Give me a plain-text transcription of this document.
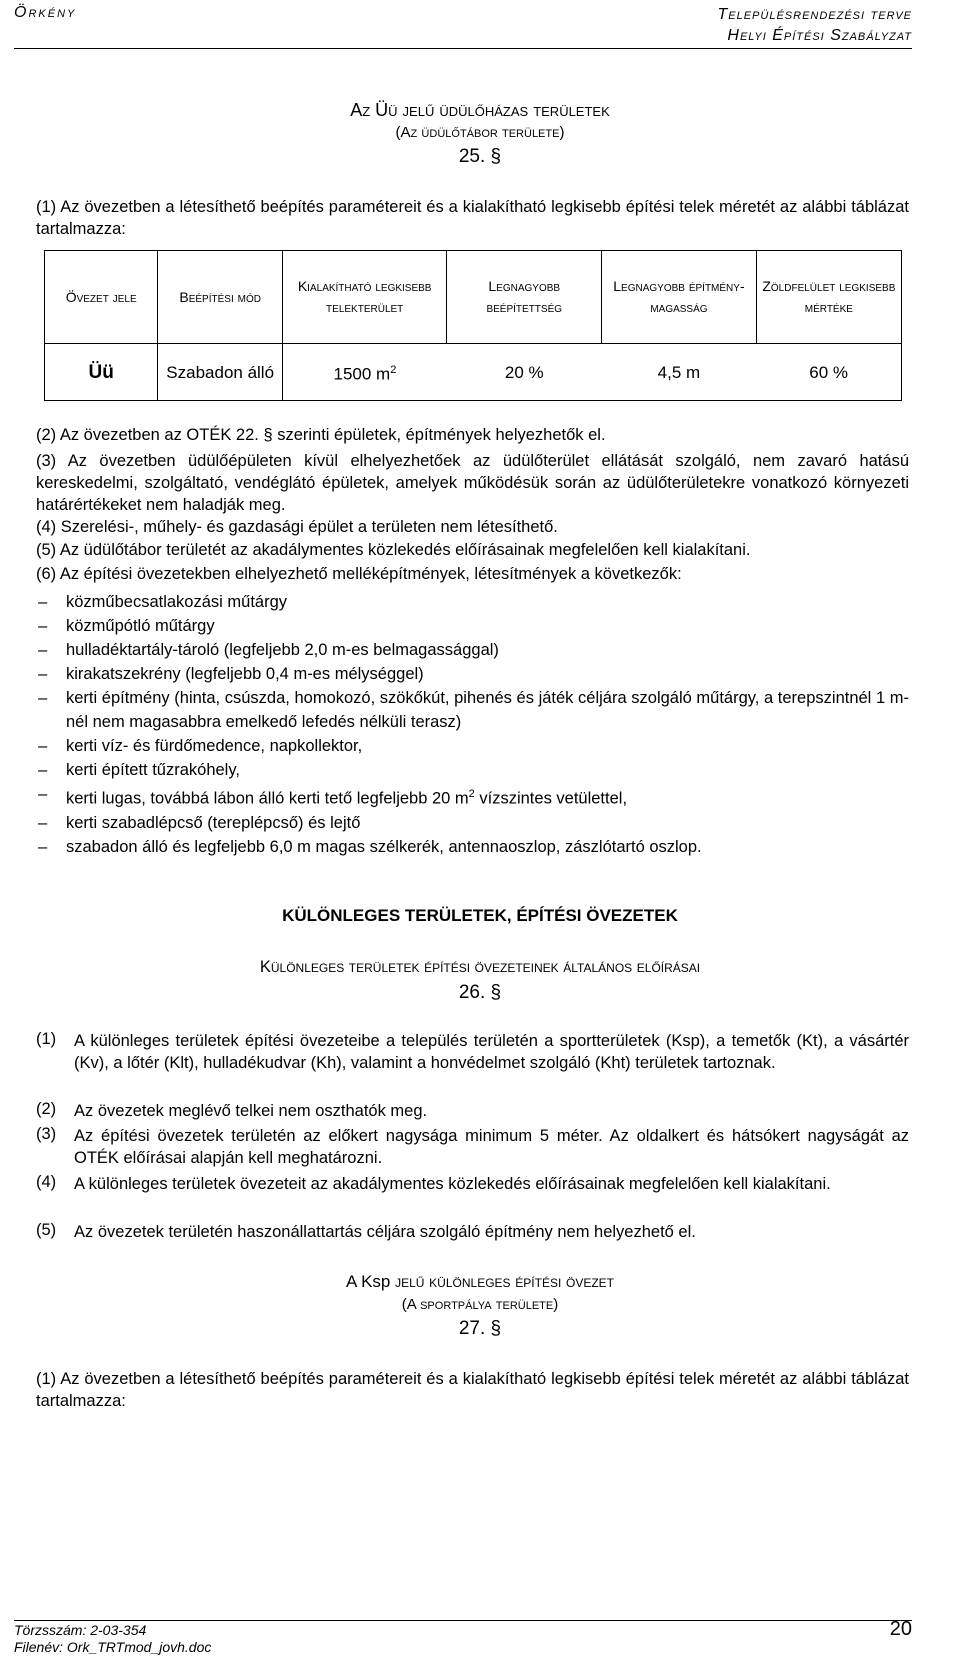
Örkény	Településrendezési terve
Helyi Építési Szabályzat
Az Üü jelű üdülőházas területek
(Az üdülőtábor területe)
25. §
(1) Az övezetben a létesíthető beépítés paramétereit és a kialakítható legkisebb építési telek méretét az alábbi táblázat tartalmazza:
Övezet jele	Beépítési mód	Kialakítható legkisebb telekterület	Legnagyobb beépítettség	Legnagyobb építmény-magasság	Zöldfelület legkisebb mértéke
Üü	Szabadon álló	1500 $m^2$	20 %	4,5 m	60 %
(2) Az övezetben az OTÉK 22. § szerinti épületek, építmények helyezhetők el.
(3) Az övezetben üdülőépületen kívül elhelyezhetőek az üdülőterület ellátását szolgáló, nem zavaró hatású kereskedelmi, szolgáltató, vendéglátó épületek, amelyek működésük során az üdülőterületekre vonatkozó környezeti határértékeket nem haladják meg.
(4) Szerelési-, műhely- és gazdasági épület a területen nem létesíthető.
(5) Az üdülőtábor területét az akadálymentes közlekedés előírásainak megfelelően kell kialakítani.
(6) Az építési övezetekben elhelyezhető melléképítmények, létesítmények a következők:
–	közműbecsatlakozási műtárgy
–	közműpótló műtárgy
–	hulladéktartály-tároló (legfeljebb 2,0 m-es belmagassággal)
–	kirakatszekrény (legfeljebb 0,4 m-es mélységgel)
–	kerti építmény (hinta, csúszda, homokozó, szökőkút, pihenés és játék céljára szolgáló műtárgy, a terepszintnél 1 m-nél nem magasabbra emelkedő lefedés nélküli terasz)
–	kerti víz- és fürdőmedence, napkollektor,
–	kerti épített tűzrakóhely,
–	kerti lugas, továbbá lábon álló kerti tető legfeljebb 20 $m^2$ vízszintes vetülettel,
–	kerti szabadlépcső (tereplépcső) és lejtő
–	szabadon álló és legfeljebb 6,0 m magas szélkerék, antennaoszlop, zászlótartó oszlop.
KÜLÖNLEGES TERÜLETEK, ÉPÍTÉSI ÖVEZETEK
Különleges területek építési övezeteinek általános előírásai
26. §
(1)	A különleges területek építési övezeteibe a település területén a sportterületek (Ksp), a temetők (Kt), a vásártér (Kv), a lőtér (Klt), hulladékudvar (Kh), valamint a honvédelmet szolgáló (Kht) területek tartoznak.
(2)	Az övezetek meglévő telkei nem oszthatók meg.
(3)	Az építési övezetek területén az előkert nagysága minimum 5 méter. Az oldalkert és hátsókert nagyságát az OTÉK előírásai alapján kell meghatározni.
(4)	A különleges területek övezeteit az akadálymentes közlekedés előírásainak megfelelően kell kialakítani.
(5)	Az övezetek területén haszonállattartás céljára szolgáló építmény nem helyezhető el.
A Ksp jelű különleges építési övezet
(A sportpálya területe)
27. §
(1) Az övezetben a létesíthető beépítés paramétereit és a kialakítható legkisebb építési telek méretét az alábbi táblázat tartalmazza:
Törzsszám: 2-03-354
Filenév: Ork_TRTmod_jovh.doc
20
